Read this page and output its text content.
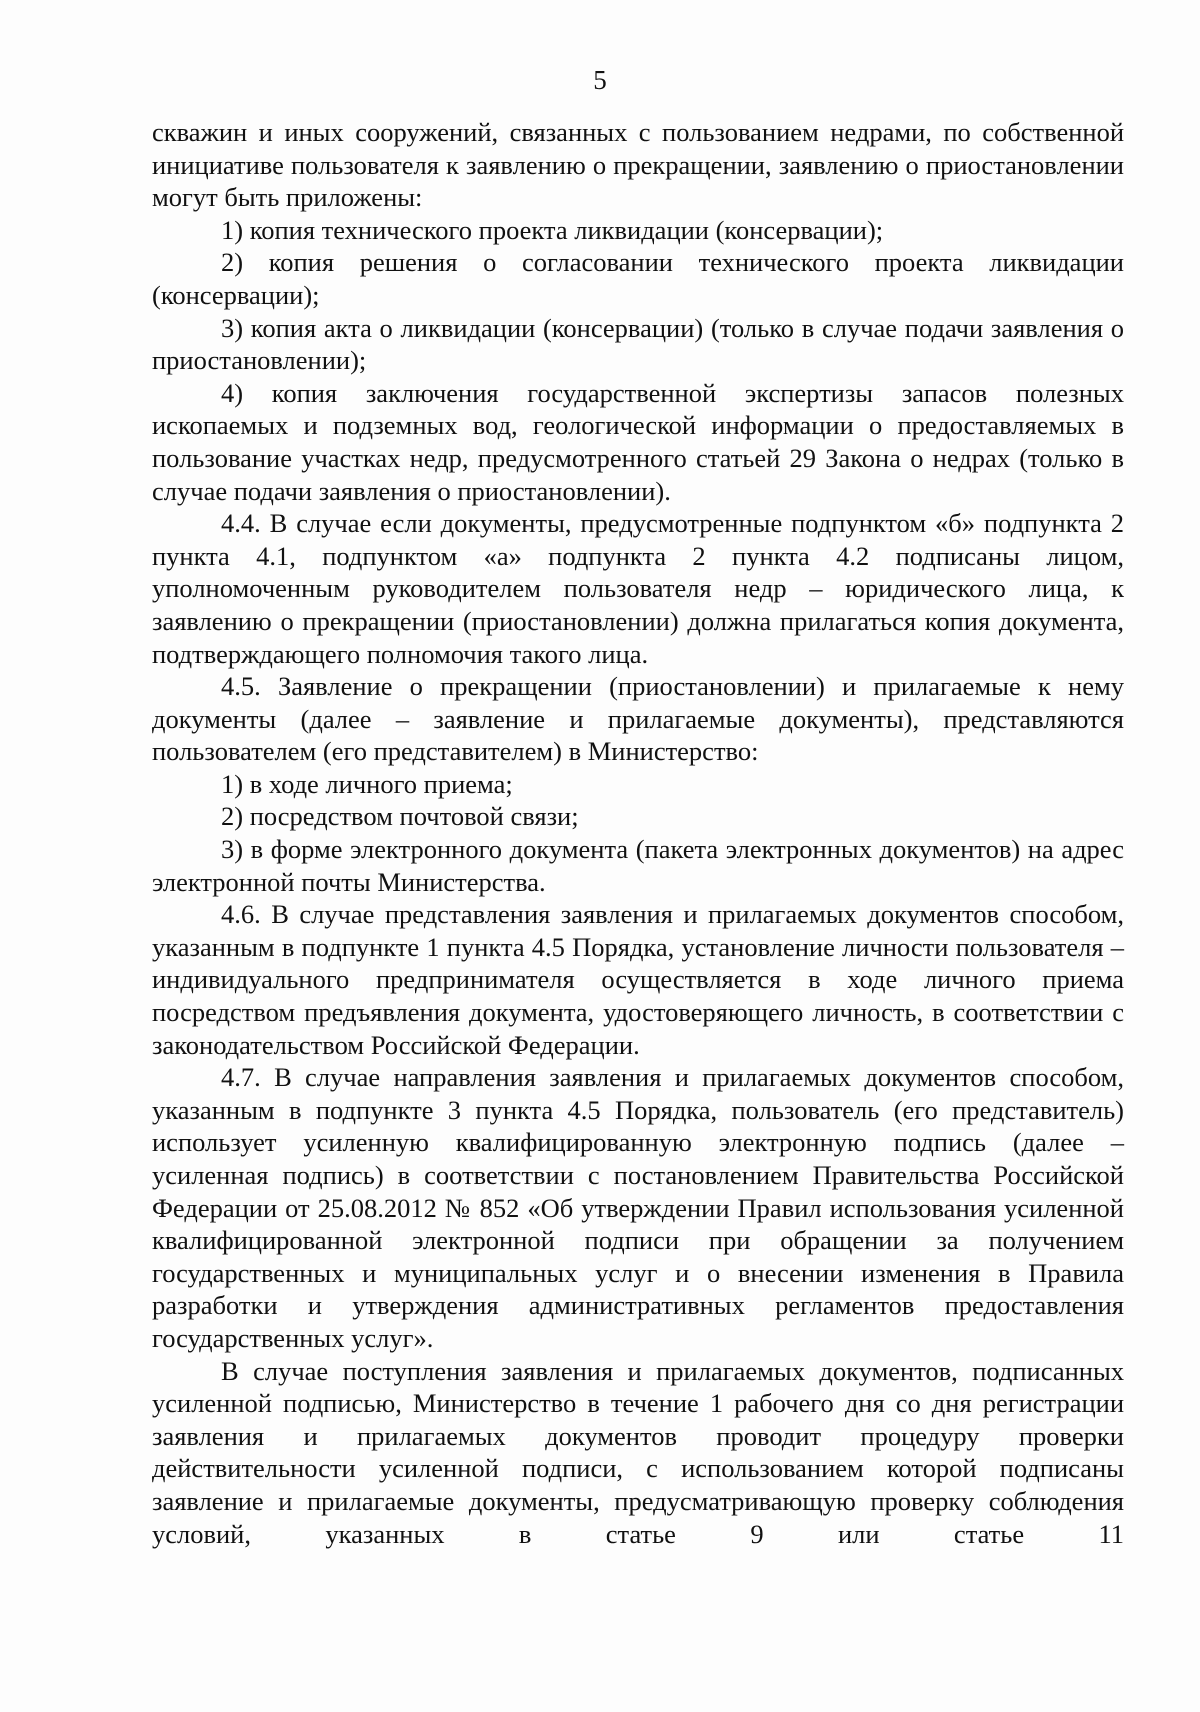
5

скважин и иных сооружений, связанных с пользованием недрами, по собственной инициативе пользователя к заявлению о прекращении, заявлению о приостановлении могут быть приложены:

1) копия технического проекта ликвидации (консервации);

2) копия решения о согласовании технического проекта ликвидации (консервации);

3) копия акта о ликвидации (консервации) (только в случае подачи заявления о приостановлении);

4) копия заключения государственной экспертизы запасов полезных ископаемых и подземных вод, геологической информации о предоставляемых в пользование участках недр, предусмотренного статьей 29 Закона о недрах (только в случае подачи заявления о приостановлении).

4.4. В случае если документы, предусмотренные подпунктом «б» подпункта 2 пункта 4.1, подпунктом «а» подпункта 2 пункта 4.2 подписаны лицом, уполномоченным руководителем пользователя недр – юридического лица, к заявлению о прекращении (приостановлении) должна прилагаться копия документа, подтверждающего полномочия такого лица.

4.5. Заявление о прекращении (приостановлении) и прилагаемые к нему документы (далее – заявление и прилагаемые документы), представляются пользователем (его представителем) в Министерство:

1) в ходе личного приема;

2) посредством почтовой связи;

3) в форме электронного документа (пакета электронных документов) на адрес электронной почты Министерства.

4.6. В случае представления заявления и прилагаемых документов способом, указанным в подпункте 1 пункта 4.5 Порядка, установление личности пользователя – индивидуального предпринимателя осуществляется в ходе личного приема посредством предъявления документа, удостоверяющего личность, в соответствии с законодательством Российской Федерации.

4.7. В случае направления заявления и прилагаемых документов способом, указанным в подпункте 3 пункта 4.5 Порядка, пользователь (его представитель) использует усиленную квалифицированную электронную подпись (далее – усиленная подпись) в соответствии с постановлением Правительства Российской Федерации от 25.08.2012 № 852 «Об утверждении Правил использования усиленной квалифицированной электронной подписи при обращении за получением государственных и муниципальных услуг и о внесении изменения в Правила разработки и утверждения административных регламентов предоставления государственных услуг».

В случае поступления заявления и прилагаемых документов, подписанных усиленной подписью, Министерство в течение 1 рабочего дня со дня регистрации заявления и прилагаемых документов проводит процедуру проверки действительности усиленной подписи, с использованием которой подписаны заявление и прилагаемые документы, предусматривающую проверку соблюдения условий, указанных в статье 9 или статье 11
